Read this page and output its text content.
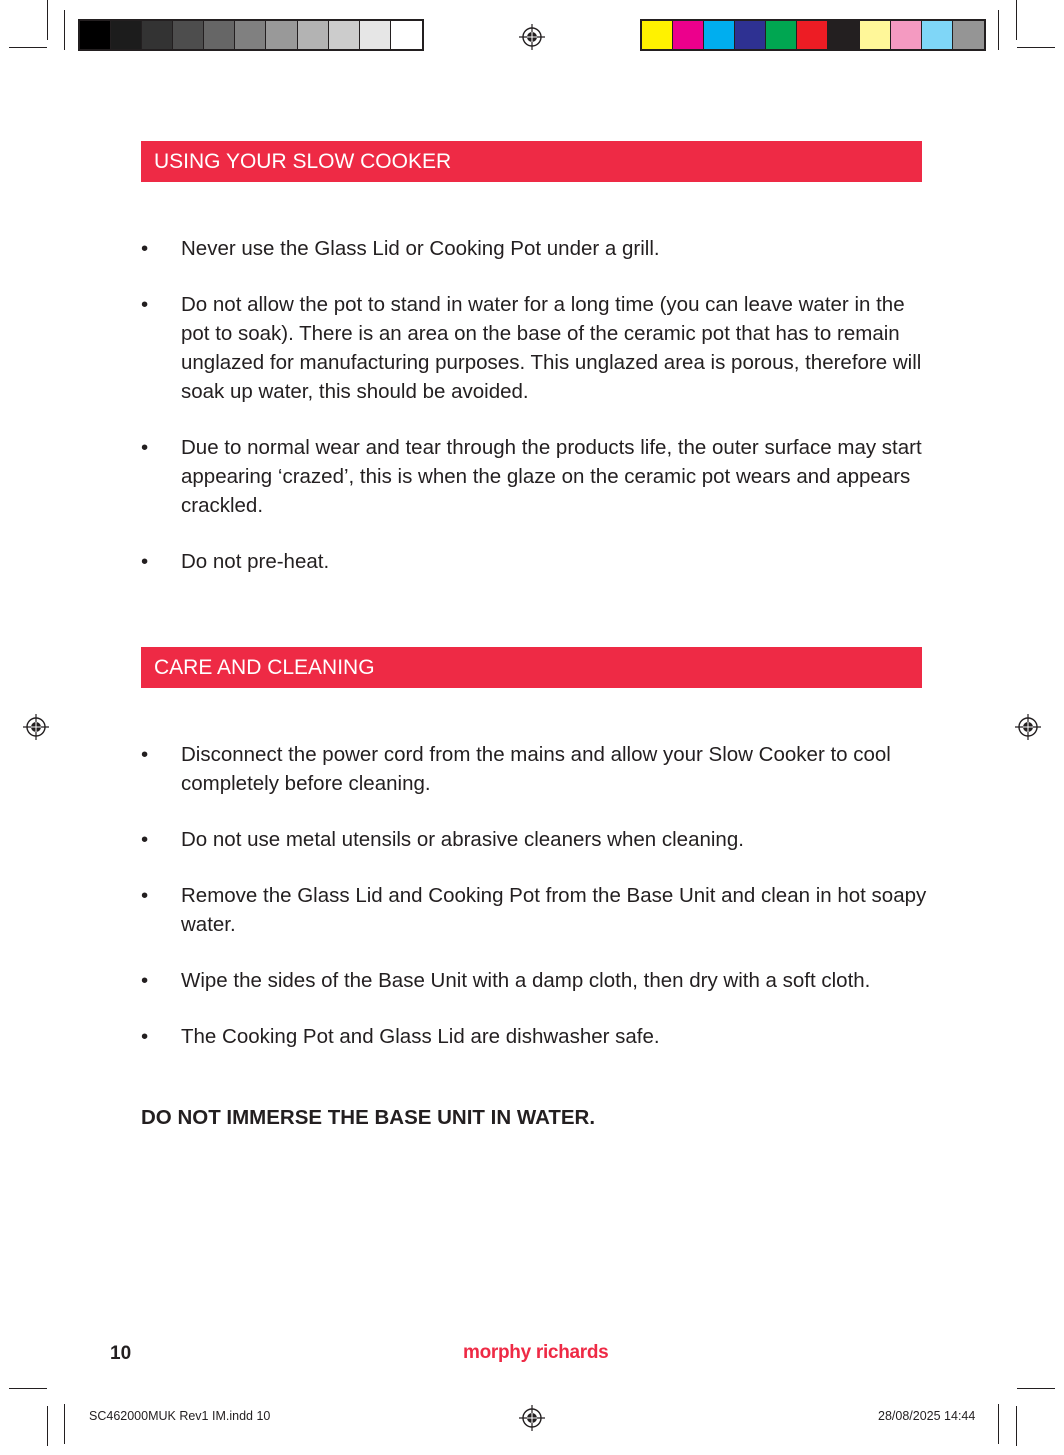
USING YOUR SLOW COOKER
• Never use the Glass Lid or Cooking Pot under a grill.
• Do not allow the pot to stand in water for a long time (you can leave water in the pot to soak). There is an area on the base of the ceramic pot that has to remain unglazed for manufacturing purposes. This unglazed area is porous, therefore will soak up water, this should be avoided.
• Due to normal wear and tear through the products life, the outer surface may start appearing ‘crazed’, this is when the glaze on the ceramic pot wears and appears crackled.
• Do not pre-heat.
CARE AND CLEANING
• Disconnect the power cord from the mains and allow your Slow Cooker to cool completely before cleaning.
• Do not use metal utensils or abrasive cleaners when cleaning.
• Remove the Glass Lid and Cooking Pot from the Base Unit and clean in hot soapy water.
• Wipe the sides of the Base Unit with a damp cloth, then dry with a soft cloth.
• The Cooking Pot and Glass Lid are dishwasher safe.
DO NOT IMMERSE THE BASE UNIT IN WATER.
10	morphy richards
SC462000MUK Rev1 IM.indd 10	28/08/2025 14:44
